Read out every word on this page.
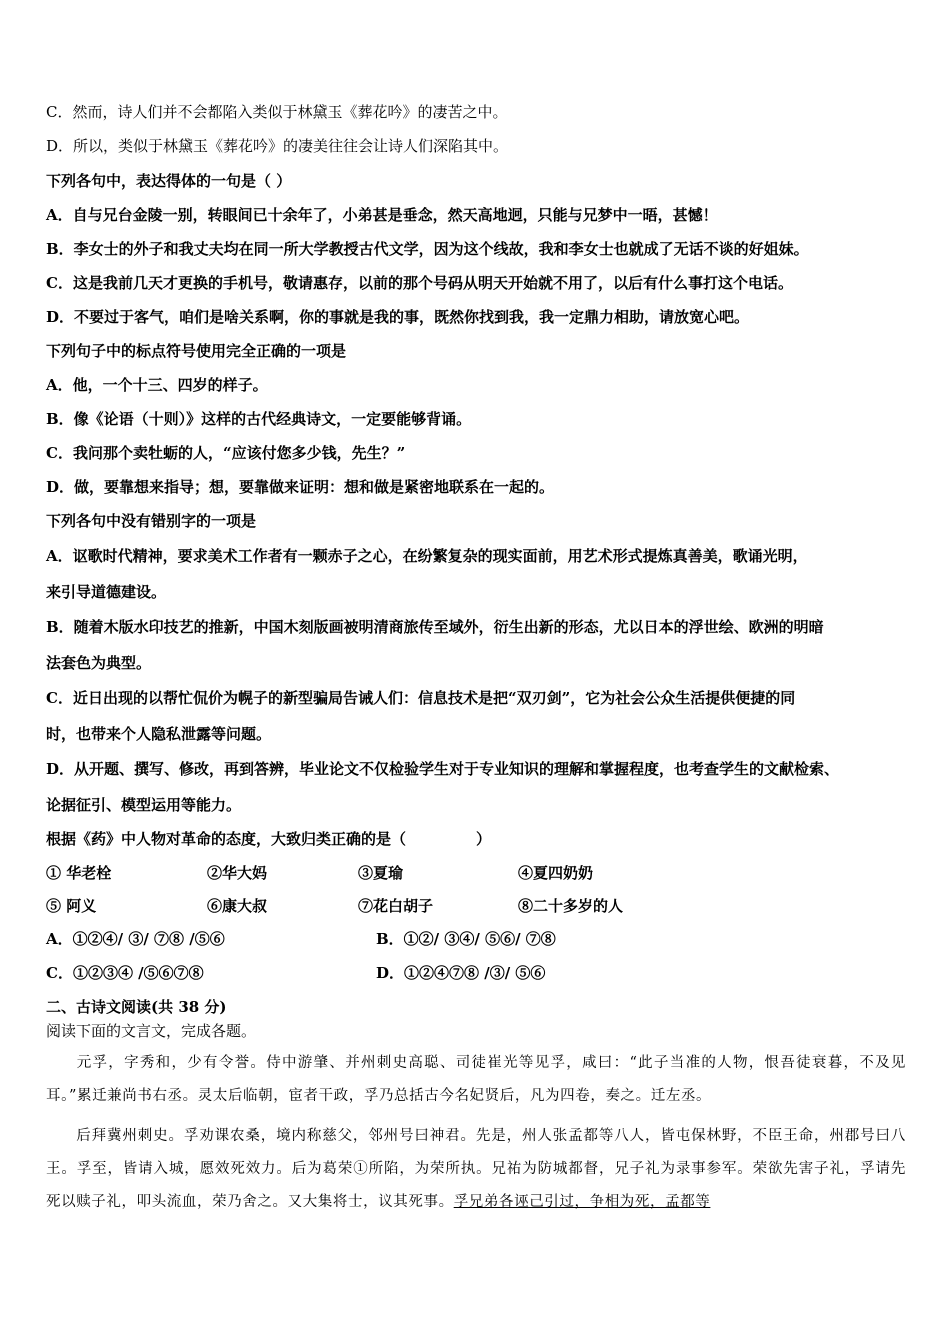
C．然而，诗人们并不会都陷入类似于林黛玉《葬花吟》的凄苦之中。
D．所以，类似于林黛玉《葬花吟》的凄美往往会让诗人们深陷其中。
下列各句中，表达得体的一句是（ ）
A．自与兄台金陵一别，转眼间已十余年了，小弟甚是垂念，然天高地迥，只能与兄梦中一晤，甚憾！
B．李女士的外子和我丈夫均在同一所大学教授古代文学，因为这个线故，我和李女士也就成了无话不谈的好姐妹。
C．这是我前几天才更换的手机号，敬请惠存，以前的那个号码从明天开始就不用了，以后有什么事打这个电话。
D．不要过于客气，咱们是啥关系啊，你的事就是我的事，既然你找到我，我一定鼎力相助，请放宽心吧。
下列句子中的标点符号使用完全正确的一项是
A．他，一个十三、四岁的样子。
B．像《论语（十则）》这样的古代经典诗文，一定要能够背诵。
C．我问那个卖牡蛎的人，“应该付您多少钱，先生？”
D．做，要靠想来指导；想，要靠做来证明：想和做是紧密地联系在一起的。
下列各句中没有错别字的一项是
A．讴歌时代精神，要求美术工作者有一颗赤子之心，在纷繁复杂的现实面前，用艺术形式提炼真善美，歌诵光明，
来引导道德建设。
B．随着木版水印技艺的推新，中国木刻版画被明清商旅传至域外，衍生出新的形态，尤以日本的浮世绘、欧洲的明暗
法套色为典型。
C．近日出现的以帮忙侃价为幌子的新型骗局告诫人们：信息技术是把“双刃剑”，它为社会公众生活提供便捷的同
时，也带来个人隐私泄露等问题。
D．从开题、撰写、修改，再到答辨，毕业论文不仅检验学生对于专业知识的理解和掌握程度，也考查学生的文献检索、
论据征引、模型运用等能力。
根据《药》中人物对革命的态度，大致归类正确的是（	）
① 华老栓	②华大妈	③夏瑜	④夏四奶奶
⑤ 阿义	⑥康大叔	⑦花白胡子	⑧二十多岁的人
A．①②④/ ③/ ⑦⑧ /⑤⑥	B．①②/ ③④/ ⑤⑥/ ⑦⑧
C．①②③④ /⑤⑥⑦⑧	D．①②④⑦⑧ /③/ ⑤⑥
二、古诗文阅读(共 38 分)
阅读下面的文言文，完成各题。
元孚，字秀和，少有令誉。侍中游肇、并州刺史高聪、司徒崔光等见孚，咸曰：“此子当准的人物，恨吾徒衰暮，不及见耳。”累迁兼尚书右丞。灵太后临朝，宦者干政，孚乃总括古今名妃贤后，凡为四卷，奏之。迁左丞。
后拜冀州刺史。孚劝课农桑，境内称慈父，邻州号曰神君。先是，州人张孟都等八人，皆屯保林野，不臣王命，州郡号曰八王。孚至，皆请入城，愿效死效力。后为葛荣①所陷，为荣所执。兄祐为防城都督，兄子礼为录事参军。荣欲先害子礼，孚请先死以赎子礼，叩头流血，荣乃舍之。又大集将士，议其死事。孚兄弟各诬己引过，争相为死，孟都等
